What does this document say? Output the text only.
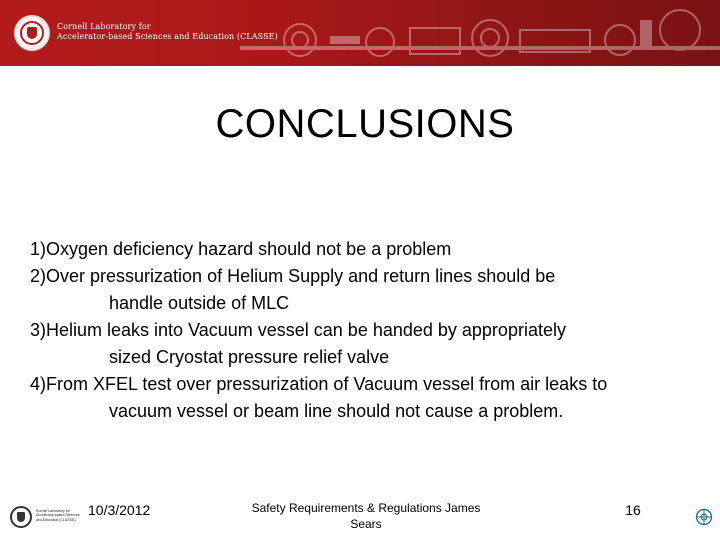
Cornell Laboratory for
Accelerator-based Sciences and Education (CLASSE)
CONCLUSIONS
1)Oxygen deficiency hazard should not be a problem
2)Over pressurization of Helium Supply and return lines should be
handle outside of MLC
3)Helium leaks into Vacuum vessel can be handed by appropriately
sized Cryostat pressure relief valve
4)From XFEL test over pressurization of Vacuum vessel from air leaks to
vacuum vessel or beam line should not cause a problem.
Cornell Laboratory for
Accelerator-based Sciences
and Education (CLASSE)
10/3/2012	Safety Requirements & Regulations James
Sears
16
